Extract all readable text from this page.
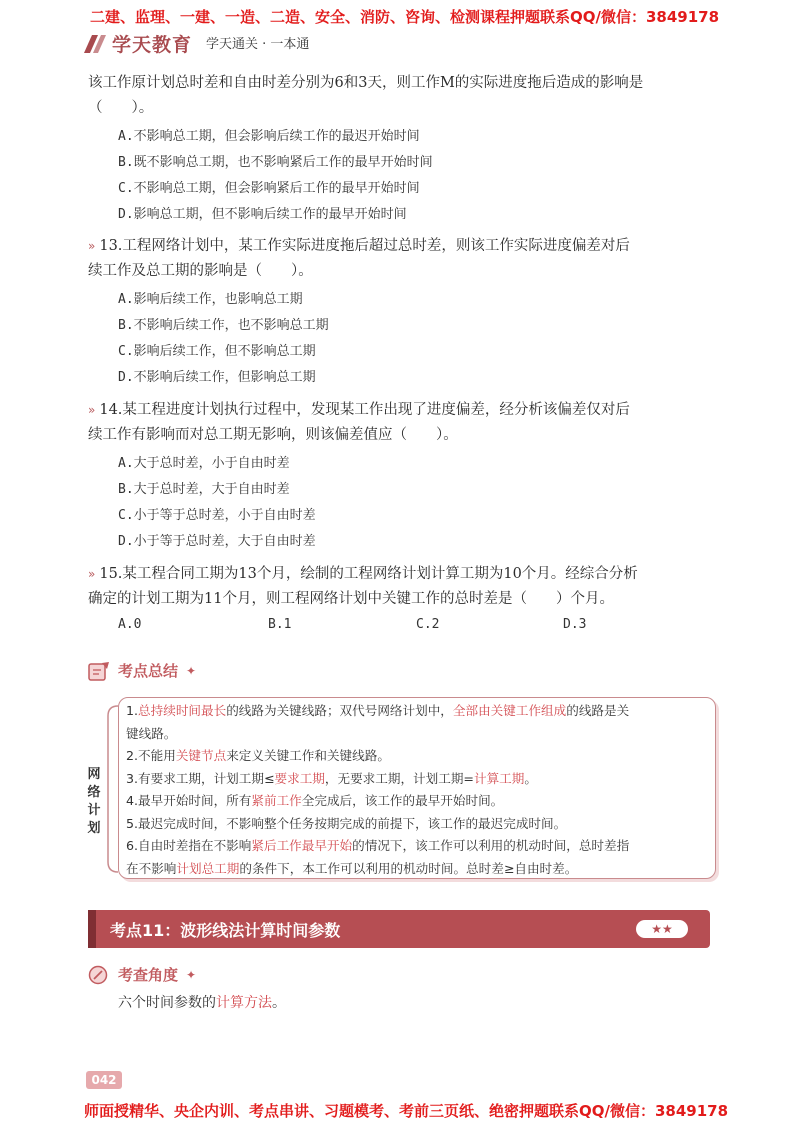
二建、监理、一建、一造、二造、安全、消防、咨询、检测课程押题联系QQ/微信：3849178
学天教育 学天通关 · 一本通
该工作原计划总时差和自由时差分别为6和3天，则工作M的实际进度拖后造成的影响是
（　　）。
A.不影响总工期，但会影响后续工作的最迟开始时间
B.既不影响总工期，也不影响紧后工作的最早开始时间
C.不影响总工期，但会影响紧后工作的最早开始时间
D.影响总工期，但不影响后续工作的最早开始时间
» 13.工程网络计划中，某工作实际进度拖后超过总时差，则该工作实际进度偏差对后
续工作及总工期的影响是（　　）。
A.影响后续工作，也影响总工期
B.不影响后续工作，也不影响总工期
C.影响后续工作，但不影响总工期
D.不影响后续工作，但影响总工期
» 14.某工程进度计划执行过程中，发现某工作出现了进度偏差，经分析该偏差仅对后
续工作有影响而对总工期无影响，则该偏差值应（　　）。
A.大于总时差，小于自由时差
B.大于总时差，大于自由时差
C.小于等于总时差，小于自由时差
D.小于等于总时差，大于自由时差
» 15.某工程合同工期为13个月，绘制的工程网络计划计算工期为10个月。经综合分析
确定的计划工期为11个月，则工程网络计划中关键工作的总时差是（　　）个月。
A.0	B.1	C.2	D.3
考点总结 ✦
网
络
计
划
1.总持续时间最长的线路为关键线路；双代号网络计划中，全部由关键工作组成的线路是关
键线路。
2.不能用关键节点来定义关键工作和关键线路。
3.有要求工期，计划工期≤要求工期，无要求工期，计划工期=计算工期。
4.最早开始时间，所有紧前工作全完成后，该工作的最早开始时间。
5.最迟完成时间，不影响整个任务按期完成的前提下，该工作的最迟完成时间。
6.自由时差指在不影响紧后工作最早开始的情况下，该工作可以利用的机动时间，总时差指
在不影响计划总工期的条件下，本工作可以利用的机动时间。总时差≥自由时差。
考点11：波形线法计算时间参数	★★
考查角度 ✦
六个时间参数的计算方法。
042
师面授精华、央企内训、考点串讲、习题模考、考前三页纸、绝密押题联系QQ/微信：3849178
